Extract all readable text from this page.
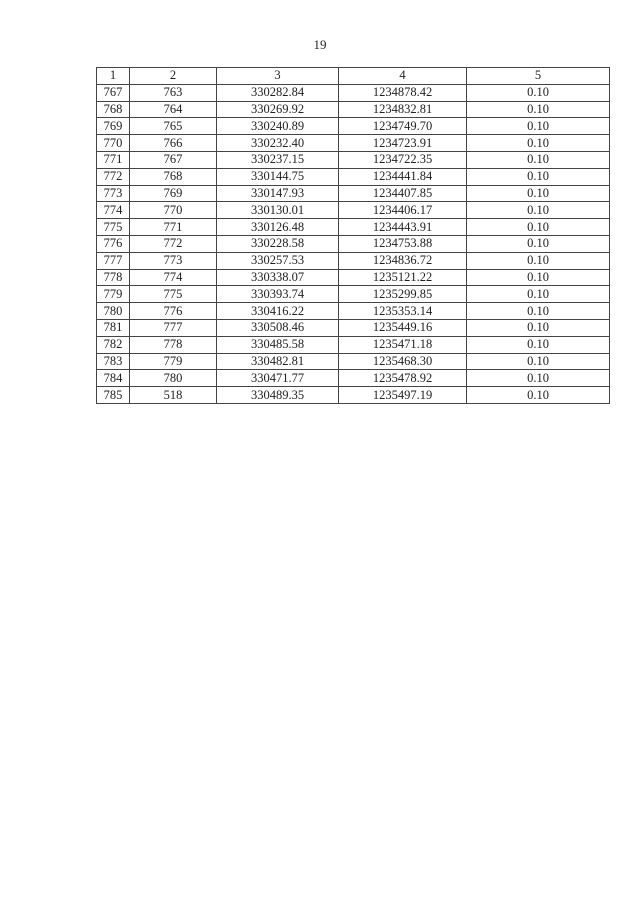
19
1	2	3	4	5
767	763	330282.84	1234878.42	0.10
768	764	330269.92	1234832.81	0.10
769	765	330240.89	1234749.70	0.10
770	766	330232.40	1234723.91	0.10
771	767	330237.15	1234722.35	0.10
772	768	330144.75	1234441.84	0.10
773	769	330147.93	1234407.85	0.10
774	770	330130.01	1234406.17	0.10
775	771	330126.48	1234443.91	0.10
776	772	330228.58	1234753.88	0.10
777	773	330257.53	1234836.72	0.10
778	774	330338.07	1235121.22	0.10
779	775	330393.74	1235299.85	0.10
780	776	330416.22	1235353.14	0.10
781	777	330508.46	1235449.16	0.10
782	778	330485.58	1235471.18	0.10
783	779	330482.81	1235468.30	0.10
784	780	330471.77	1235478.92	0.10
785	518	330489.35	1235497.19	0.10
